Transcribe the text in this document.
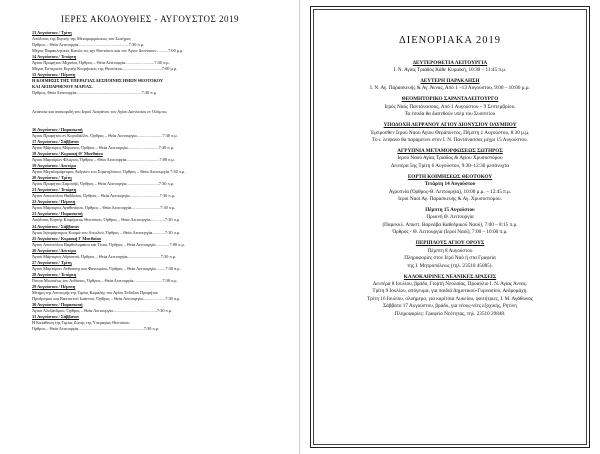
ΙΕΡΕΣ ΑΚΟΛΟΥΘΙΕΣ - ΑΥΓΟΥΣΤΟΣ 2019
13 Αυγούστου / Τρίτη
Απόδοσις της Εορτής της Μεταμορφώσεως του Σωτήρος
Όρθρος – Θεία Λειτουργία...............................................7:30 π.μ.
Μέγας Παρακλητικός Κανών εις την Θεοτόκον και τον Άγιον Διονύσιον...........7:00 μ.μ.
14 Αυγούστου / Τετάρτη
Άγιου Προφήτου Μιχαίου, Όρθρος – Θεία Λειτουργία...........................7:30 π.μ.
Μέγας Εσπερινός Εορτής Κοιμήσεως της Θεοτόκου.....................................7:00 μ.μ.
15 Αυγούστου / Πέμπτη
Η ΚΟΙΜΗΣΙΣ ΤΗΣ ΥΠΕΡΑΓΙΑΣ ΔΕΣΠΟΙΝΗΣ ΗΜΩΝ ΘΕΟΤΟΚΟΥ
ΚΑΙ ΑΕΙΠΑΡΘΕΝΟΥ ΜΑΡΙΑΣ.
Όρθρος, Θεία Λειτουργία.............................................................7:30 π.μ.
Λιτανεία και ανακομιδή του Ιερού Λειψάνου του Αγίου Διονυσίου εν Ολύμπω
16 Αυγούστου / Παρασκευή
Άγιου Προφήτου εν Κορυδάλλιν, Όρθρος – Θεία Λειτουργία........................7:30 π.μ.
17 Αυγούστου / Σάββατον
Άγιου Μάρτυρος Μύρωνος, Όρθρος – Θεία Λειτουργία.............................7:30 π.μ.
18 Αυγούστου / Κυριακή Θ' Ματθαίου
Άγιου Μαρτύρων Φλώρου, Όρθρος – Θεία Λειτουργία...............................7:00 π.μ.
19 Αυγούστου / Δευτέρα
Άγιου Μεγαλομάρτυρος Ανδρέου του Στρατηλάτου, Όρθρος – Θεία Λειτουργία 7:30 π.μ.
20 Αυγούστου / Τρίτη
Άγιου Προφήτου Σαμουήλ, Όρθρος – Θεία Λειτουργία..............................7:30 π.μ.
21 Αυγούστου / Τετάρτη
Άγιου Αποστόλου Θαδδαίου, Όρθρος – Θεία Λειτουργία............................7:30 π.μ.
22 Αυγούστου / Πέμπτη
Άγιου Μάρτυρος Αγαθονίκου, Όρθρος – Θεία Λειτουργία...........................7:30 π.μ.
23 Αυγούστου / Παρασκευή
Απόδοσις Εορτής Κοιμήσεως Θεοτόκου, Όρθρος – Θεία Λειτουργία..............7:30 π.μ.
24 Αυγούστου / Σάββατον
Άγιου Ιερομάρτυρος Κοσμά του Αιτωλού, Όρθρος – Θεία Λειτουργία............7:30 π.μ.
25 Αυγούστου / Κυριακή Ι' Ματθαίου
Άγιου Αποστόλου Βαρθολομαίου και Τίτου, Όρθρος – Θεία Λειτουργία.............7:00 π.μ.
26 Αυγούστου / Δευτέρα
Άγιου Μάρτυρος Αδριανού, Όρθρος – Θεία Λειτουργία...............................7:30 π.μ.
27 Αυγούστου / Τρίτη
Άγιου Μαρτύρων Ανθούσης και Φανουρίου, Όρθρος – Θεία Λειτουργία.........7:30 π.μ.
28 Αυγούστου / Τετάρτη
Όσιου Μωυσέως του Αιθίοπος, Όρθρος – Θεία Λειτουργία...........................7:30 π.μ.
29 Αυγούστου / Πέμπτη
Μνήμη της Αποτομής της Τιμίας Κεφαλής του Αγίου Ενδόξου Προφήτου
Προδρόμου και Βαπτιστού Ιωάννου, Όρθρος – Θεία Λειτουργία.....................7:30 π.μ.
30 Αυγούστου / Παρασκευή
Άγιου Αλεξάνδρου, Όρθρος – Θεία Λειτουργία.........................................7:30 π.μ.
31 Αυγούστου / Σάββατον
Η Κατάθεση της Τιμίας Ζώνης της Υπεραγίας Θεοτόκου
Όρθρος – Θεία Λειτουργία.............................................................7:30 π.μ.
ΔΙΕΝΟΡΙΑΚΑ 2019
ΔΕΥΤΕΡΟΘΕΤΙΑ ΛΕΙΤΟΥΡΓΙΑ
Ι. Ν. Αγίας Τριάδος Κάθε Κυριακή, 10:30 – 11:45 π.μ.
ΔΕΥΤΕΡΗ ΠΑΡΑΚΛΗΣΗ
Ι. Ν. Αγ. Παρασκευής & Αγ. Άννας, Από 1 –13 Αυγούστου, 9:00 – 10:00 μ.μ.
ΘΕΟΜΗΤΟΡΙΚΟ ΣΑΡΑΝΤΑΛΕΙΤΟΥΡΓΟ
Ιερός Ναός Παντάνασσας, Από 1 Αυγούστου – 9 Σεπτεμβρίου.
Τα έσοδα θα διατεθούν υπέρ του Συσσιτίου
ΥΠΟΔΟΧΗ ΛΕΙΨΑΝΟΥ ΑΓΙΟΥ ΔΙΟΝΥΣΙΟΥ ΟΛΥΜΠΟΥ
Έμπροσθεν Ιερού Ναού Αγίου Θεράποντος, Πέμπτη 1 Αυγούστου, 8:30 μ.μ.
Το ι. λείψανο θα παραμείνει στον Ι. Ν. Παντάνασσας μέχρι 15 Αυγούστου.
ΑΓΡΥΠΝΙΑ ΜΕΤΑΜΟΡΦΩΣΕΩΣ ΣΩΤΗΡΟΣ
Ιερού Ναού Αγίας Τριάδος & Αγίου Χρυσοστόμου
Δευτέρα 5ης Τρίτη 6 Αυγούστου, 9:30–12:30 μεσάνυχτα
ΕΟΡΤΗ ΚΟΙΜΗΣΕΩΣ ΘΕΟΤΟΚΟΥ
Τετάρτη 14 Αυγούστου
Αγρυπνία (Όρθρος-Θ. Λειτουργία), 10:00 μ.μ. – 12:45 π.μ.
Ιεροί Ναοί Αγ. Παρασκευής & Αγ. Χρυσοστόμου.
Πέμπτη 15 Αυγούστου
Πρωινή Θ. Λειτουργία
(Παρεκκλ. Αποστ. Βαρνάβα Καθεδρικού Ναού), 7:00 – 8:15 π.μ.
Όρθρος - Θ. Λειτουργία (Ιεροί Ναοί), 7:00 – 10:00 π.μ.
ΠΕΡΙΠΛΟΥΣ ΑΓΙΟΥ ΟΡΟΥΣ
Πέμπτη 8 Αυγούστου
Πληροφορίες στον Ιερό Ναό ή στα Γραφεία
της Ι. Μητροπόλεως (τηλ. 23510 45085).
ΚΑΛΟΚΑΙΡΙΝΕΣ ΝΕΑΝΙΚΕΣ ΔΡΑΣΕΙΣ
Δευτέρα 8 Ιουλίου, βράδυ, Γιορτή Νεολαίας, Προαύλιο Ι. Ν. Αγίας Άννας.
Τρίτη 9 Ιουλίου, απόγευμα, για παιδιά Δημοτικού-Γυμνασίου, Ανδρομάχη.
Τρίτη 16 Ιουλίου, ολοήμερο, για κορίτσια Λυκείου, φοιτήτριες, Ι. Μ. Αγάθωνος
Σάββατο 17 Αυγούστου, βράδυ, για νέους-νέες εξοχικής, Ρητίνη
Πληροφορίες: Γραφείο Νεότητας, τηλ. 23510 29848.
